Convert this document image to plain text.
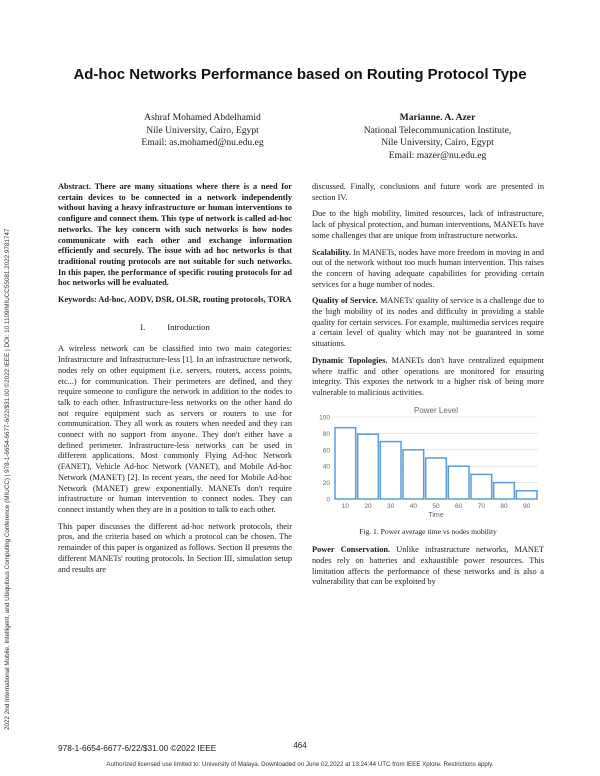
Ad-hoc Networks Performance based on Routing Protocol Type
Ashraf Mohamed Abdelhamid
Nile University, Cairo, Egypt
Email: as.mohamed@nu.edu.eg
Marianne. A. Azer
National Telecommunication Institute,
Nile University, Cairo, Egypt
Email: mazer@nu.edu.eg
2022 2nd International Mobile, Intelligent, and Ubiquitous Computing Conference (MIUCC) | 978-1-6654-6677-6/22/$31.00 ©2022 IEEE | DOI: 10.1109/MIUCC55081.2022.9781747

Abstract. There are many situations where there is a need for certain devices to be connected in a network independently without having a heavy infrastructure or human interventions to configure and connect them. This type of network is called ad-hoc networks. The key concern with such networks is how nodes communicate with each other and exchange information efficiently and securely. The issue with ad hoc networks is that traditional routing protocols are not suitable for such networks. In this paper, the performance of specific routing protocols for ad hoc networks will be evaluated.

Keywords: Ad-hoc, AODV, DSR, OLSR, routing protocols, TORA

I.	Introduction

A wireless network can be classified into two main categories: Infrastructure and Infrastructure-less [1]. In an infrastructure network, nodes rely on other equipment (i.e. servers, routers, access points, etc...) for communication. Their perimeters are defined, and they require someone to configure the network in addition to the nodes to talk to each other. Infrastructure-less networks on the other hand do not require equipment such as servers or routers to use for communication. They all work as routers when needed and they can connect with no support from anyone. They don't either have a defined perimeter. Infrastructure-less networks can be used in different applications. Most commonly Flying Ad-hoc Network (FANET), Vehicle Ad-hoc Network (VANET), and Mobile Ad-hoc Network (MANET) [2]. In recent years, the need for Mobile Ad-hoc Network (MANET) grew exponentially. MANETs don't require infrastructure or human intervention to connect nodes. They can connect instantly when they are in a position to talk to each other.

This paper discusses the different ad-hoc network protocols, their pros, and the criteria based on which a protocol can be chosen. The remainder of this paper is organized as follows. Section II presents the different MANETs' routing protocols. In Section III, simulation setup and results are

discussed. Finally, conclusions and future work are presented in section IV.

Due to the high mobility, limited resources, lack of infrastructure, lack of physical protection, and human interventions, MANETs have some challenges that are unique from infrastructure networks.

Scalability. In MANETs, nodes have more freedom in moving in and out of the network without too much human intervention. This raises the concern of having adequate capabilities for providing certain services for a huge number of nodes.

Quality of Service. MANETs' quality of service is a challenge due to the high mobility of its nodes and difficulty in providing a stable quality for certain services. For example, multimedia services require a certain level of quality which may not be guaranteed in some situations.

Dynamic Topologies. MANETs don't have centralized equipment where traffic and other operations are monitored for ensuring integrity. This exposes the network to a higher risk of being more vulnerable to malicious activities.

0
20
40
60
80
100
Power Level
10 20 30 40 50 60 70 80 90
Time
Fig. 1. Power average time vs nodes mobility

Power Conservation. Unlike infrastructure networks, MANET nodes rely on batteries and exhaustible power resources. This limitation affects the performance of these networks and is also a vulnerability that can be exploited by

978-1-6654-6677-6/22/$31.00 ©2022 IEEE	464
Authorized licensed use limited to: University of Malaya. Downloaded on June 02,2022 at 13:24:44 UTC from IEEE Xplore. Restrictions apply.
